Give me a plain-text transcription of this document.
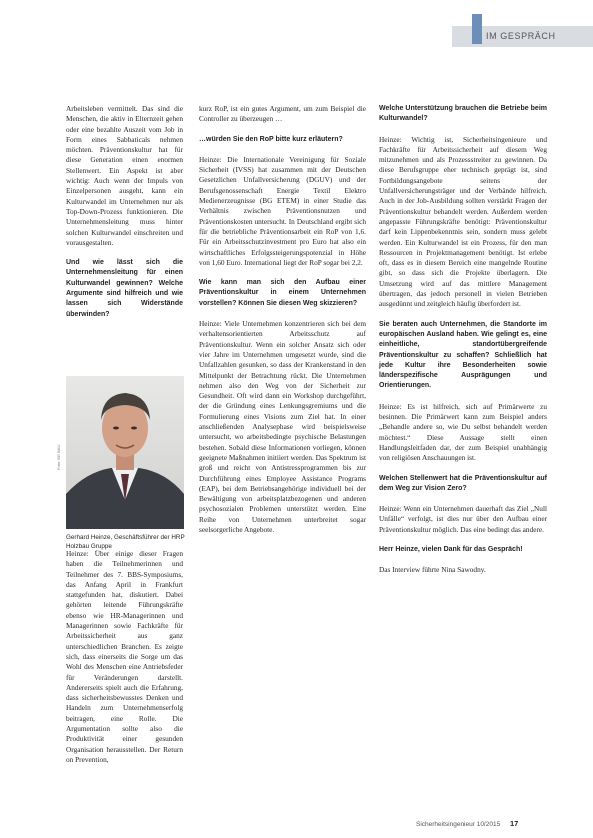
IM GESPRÄCH

Arbeitsleben vermittelt. Das sind die Menschen, die aktiv in Elternzeit gehen oder eine bezahlte Auszeit vom Job in Form eines Sabbaticals nehmen möchten. Präventionskultur hat für diese Generation einen enormen Stellenwert. Ein Aspekt ist aber wichtig: Auch wenn der Impuls von Einzelpersonen ausgeht, kann ein Kulturwandel im Unternehmen nur als Top-Down-Prozess funktionieren. Die Unternehmensleitung muss hinter solchen Kulturwandel einschreiten und vorausgestalten.

Und wie lässt sich die Unternehmensleitung für einen Kulturwandel gewinnen? Welche Argumente sind hilfreich und wie lassen sich Widerstände überwinden?

Foto: BG BAU
Gerhard Heinze, Geschäftsführer der HRP Holzbau Gruppe

Heinze: Über einige dieser Fragen haben die Teilnehmerinnen und Teilnehmer des 7. BBS-Symposiums, das Anfang April in Frankfurt stattgefunden hat, diskutiert. Dabei gehörten leitende Führungskräfte ebenso wie HR-Managerinnen und Managerinnen sowie Fachkräfte für Arbeitssicherheit aus ganz unterschiedlichen Branchen. Es zeigte sich, dass einerseits die Sorge um das Wohl des Menschen eine Antriebsfeder für Veränderungen darstellt. Andererseits spielt auch die Erfahrung, dass sicherheitsbewusstes Denken und Handeln zum Unternehmenserfolg beitragen, eine Rolle. Die Argumentation sollte also die Produktivität einer gesunden Organisation herausstellen. Der Return on Prevention,

kurz RoP, ist ein gutes Argument, um zum Beispiel die Controller zu überzeugen …

…würden Sie den RoP bitte kurz erläutern?

Heinze: Die Internationale Vereinigung für Soziale Sicherheit (IVSS) hat zusammen mit der Deutschen Gesetzlichen Unfallversicherung (DGUV) und der Berufsgenossenschaft Energie Textil Elektro Medienerzeugnisse (BG ETEM) in einer Studie das Verhältnis zwischen Präventionsnutzen und Präventionskosten untersucht. In Deutschland ergibt sich für die betriebliche Präventionsarbeit ein RoP von 1,6. Für ein Arbeitsschutzinvestment pro Euro hat also ein wirtschaftliches Erfolgssteigerungspotenzial in Höhe von 1,60 Euro. International liegt der RoP sogar bei 2,2.

Wie kann man sich den Aufbau einer Präventionskultur in einem Unternehmen vorstellen? Können Sie diesen Weg skizzieren?

Heinze: Viele Unternehmen konzentrieren sich bei dem verhaltensorientierten Arbeitsschutz auf Präventionskultur. Wenn ein solcher Ansatz sich oder vier Jahre im Unternehmen umgesetzt wurde, sind die Unfallzahlen gesunken, so dass der Krankenstand in den Mittelpunkt der Betrachtung rückt. Die Unternehmen nehmen also den Weg von der Sicherheit zur Gesundheit. Oft wird dann ein Workshop durchgeführt, der die Gründung eines Lenkungsgremiums und die Formulierung eines Visions zum Ziel hat. In einer anschließenden Analysephase wird beispielsweise untersucht, wo arbeitsbedingte psychische Belastungen bestehen. Sobald diese Informationen vorliegen, können geeignete Maßnahmen initiiert werden. Das Spektrum ist groß und reicht von Antistressprogrammen bis zur Durchführung eines Employee Assistance Programs (EAP), bei dem Betriebsangehörige individuell bei der Bewältigung von arbeitsplatzbezogenen und anderen psychosozialen Problemen unterstützt werden. Eine Reihe von Unternehmen unterbreitet sogar seelsorgerliche Angebote.

Welche Unterstützung brauchen die Betriebe beim Kulturwandel?

Heinze: Wichtig ist, Sicherheitsingenieure und Fachkräfte für Arbeitssicherheit auf diesem Weg mitzunehmen und als Prozessstreiter zu gewinnen. Da diese Berufsgruppe eher technisch geprägt ist, sind Fortbildungsangebote seitens der Unfallversicherungsträger und der Verbände hilfreich. Auch in der Job-Ausbildung sollten verstärkt Fragen der Präventionskultur behandelt werden. Außerdem werden angepasste Führungskräfte benötigt: Präventionskultur darf kein Lippenbekenntnis sein, sondern muss gelebt werden. Ein Kulturwandel ist ein Prozess, für den man Ressourcen in Projektmanagement benötigt. Ist erlebe oft, dass es in diesem Bereich eine mangelnde Routine gibt, so dass sich die Projekte überlagern. Die Umsetzung wird auf das mittlere Management übertragen, das jedoch personell in vielen Betrieben ausgedünnt und zeitgleich häufig überfordert ist.

Sie beraten auch Unternehmen, die Standorte im europäischen Ausland haben. Wie gelingt es, eine einheitliche, standortübergreifende Präventionskultur zu schaffen? Schließlich hat jede Kultur ihre Besonderheiten sowie länderspezifische Ausprägungen und Orientierungen.

Heinze: Es ist hilfreich, sich auf Primärwerte zu besinnen. Die Primärwert kann zum Beispiel anders „Behandle andere so, wie Du selbst behandelt werden möchtest.“ Diese Aussage stellt einen Handlungsleitfaden dar, der zum Beispiel unabhängig von religiösen Anschauungen ist.

Welchen Stellenwert hat die Präventionskultur auf dem Weg zur Vision Zero?

Heinze: Wenn ein Unternehmen dauerhaft das Ziel „Null Unfälle“ verfolgt, ist dies nur über den Aufbau einer Präventionskultur möglich. Das eine bedingt das andere.

Herr Heinze, vielen Dank für das Gespräch!

Das Interview führte Nina Sawodny.

Sicherheitsingenieur 10/2015 17
